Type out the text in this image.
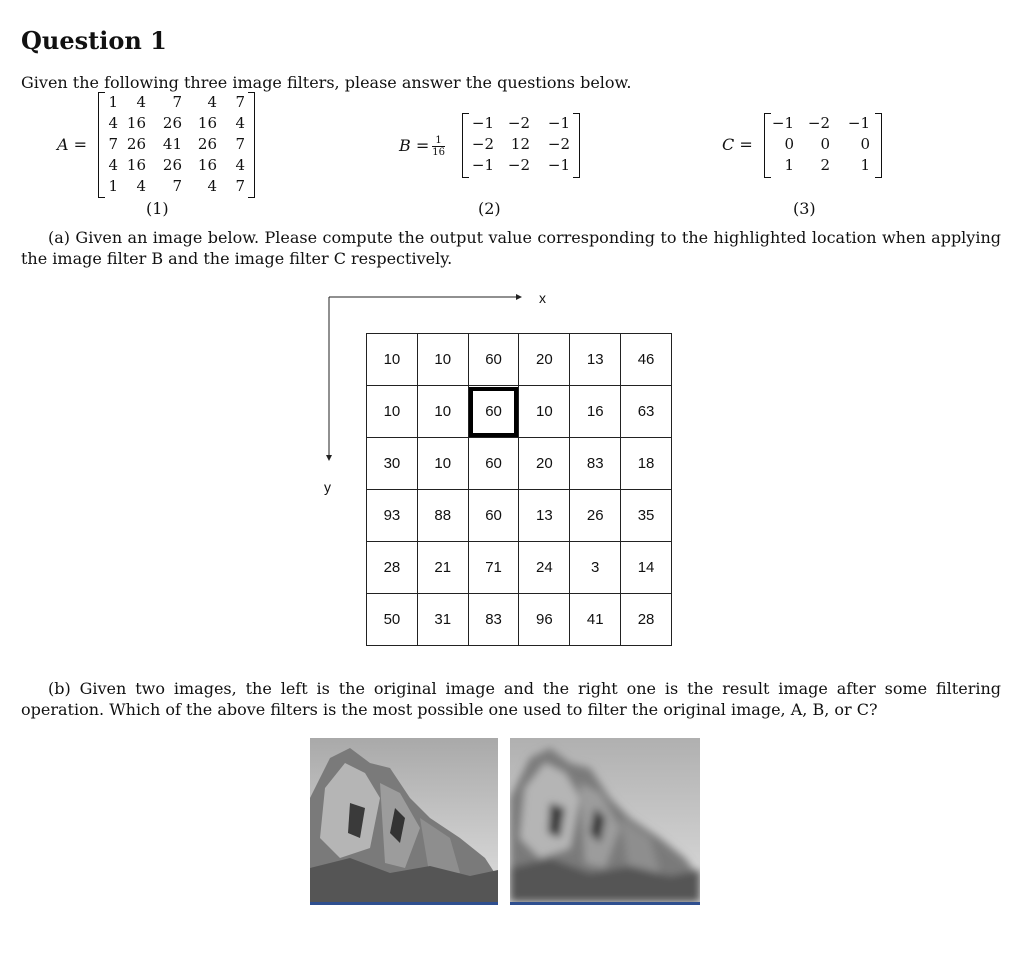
Question 1
Given the following three image filters, please answer the questions below.
A =
1	4	7	4	7
4 16	26	16	4
7 26	41	26	7
4 16	26	16	4
1	4	7	4	7
(1)
$B = \frac{1}{16}$
−1 −2	−1
−2	12	−2
−1 −2	−1
(2)
C =
−1 −2	−1
0	0	0
1	2	1
(3)
(a) Given an image below. Please compute the output value corresponding to the highlighted location when applying the image filter B and the image filter C respectively.
x
y
10	10	60	20	13	46
10	10	60	10	16	63
30	10	60	20	83	18
93	88	60	13	26	35
28	21	71	24	3	14
50	31	83	96	41	28
(b) Given two images, the left is the original image and the right one is the result image after some filtering operation. Which of the above filters is the most possible one used to filter the original image, A, B, or C?
